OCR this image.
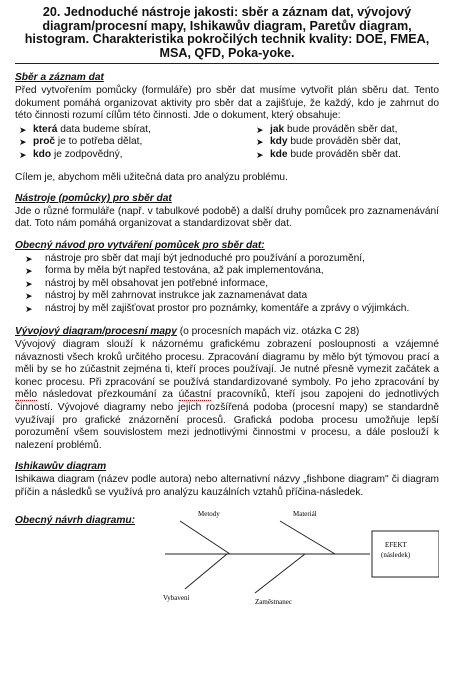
20. Jednoduché nástroje jakosti: sběr a záznam dat, vývojový diagram/procesní mapy, Ishikawův diagram, Paretův diagram, histogram. Charakteristika pokročilých technik kvality: DOE, FMEA, MSA, QFD, Poka-yoke.

Sběr a záznam dat

Před vytvořením pomůcky (formuláře) pro sběr dat musíme vytvořit plán sběru dat. Tento dokument pomáhá organizovat aktivity pro sběr dat a zajišťuje, že každý, kdo je zahrnut do této činnosti rozumí cílům této činnosti. Jde o dokument, který obsahuje:

➤ která data budeme sbírat,
➤ proč je to potřeba dělat,
➤ kdo je zodpovědný,
➤ jak bude prováděn sběr dat,
➤ kdy bude prováděn sběr dat,
➤ kde bude prováděn sběr dat.

Cílem je, abychom měli užitečná data pro analýzu problému.

Nástroje (pomůcky) pro sběr dat

Jde o různé formuláře (např. v tabulkové podobě) a další druhy pomůcek pro zaznamenávání dat. Toto nám pomáhá organizovat a standardizovat sběr dat.

Obecný návod pro vytváření pomůcek pro sběr dat:
➤ nástroje pro sběr dat mají být jednoduché pro používání a porozumění,
➤ forma by měla být napřed testována, až pak implementována,
➤ nástroj by měl obsahovat jen potřebné informace,
➤ nástroj by měl zahrnovat instrukce jak zaznamenávat data
➤ nástroj by měl zajišťovat prostor pro poznámky, komentáře a zprávy o výjimkách.

Vývojový diagram/procesní mapy (o procesních mapách viz. otázka C 28)
Vývojový diagram slouží k názornému grafickému zobrazení posloupnosti a vzájemné návaznosti všech kroků určitého procesu. Zpracování diagramu by mělo být týmovou prací a měli by se ho zúčastnit zejména ti, kteří proces používají. Je nutné přesně vymezit začátek a konec procesu. Při zpracování se používá standardizované symboly. Po jeho zpracování by mělo následovat přezkoumání za účastní pracovníků, kteří jsou zapojeni do jednotlivých činností. Vývojové diagramy nebo jejich rozšířená podoba (procesní mapy) se standardně využívají pro grafické znázornění procesů. Grafická podoba procesu umožňuje lepší porozumění všem souvislostem mezi jednotlivými činnostmi v procesu, a dále poslouží k nalezení problémů.

Ishikawův diagram

Ishikawa diagram (název podle autora) nebo alternativní názvy „fishbone diagram" či diagram příčin a následků se využívá pro analýzu kauzálních vztahů příčina-následek.

Obecný návrh diagramu:
Metody	Materiál
Vybavení	Zaměstnanec
EFEKT
(následek)
